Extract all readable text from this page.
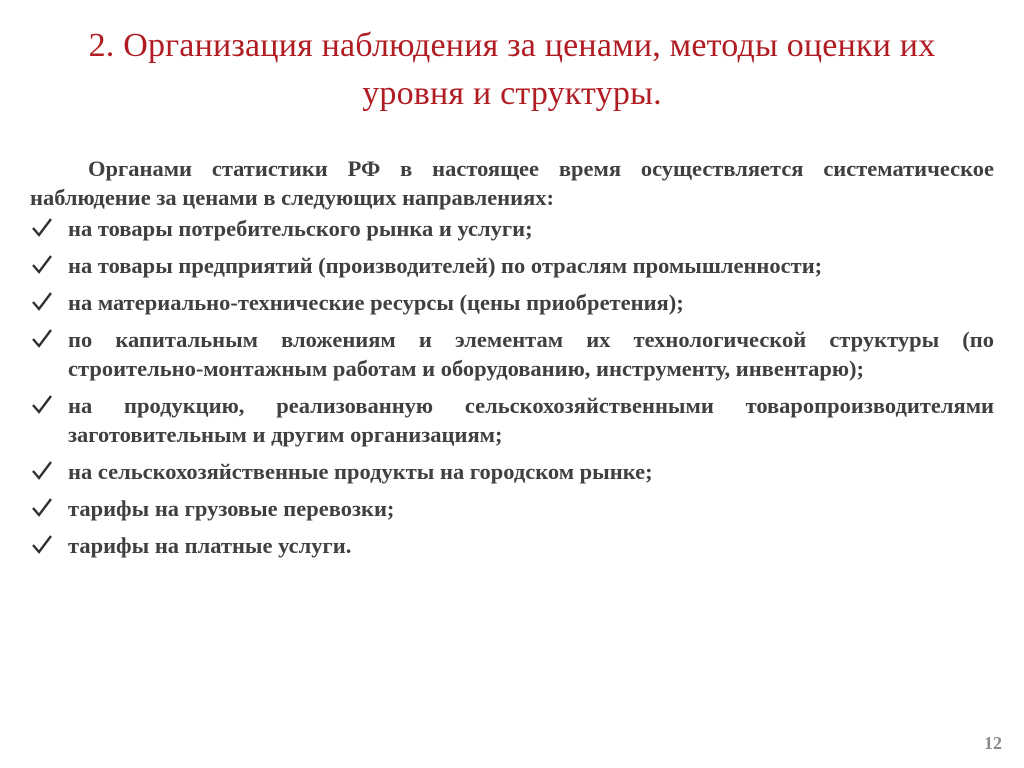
2. Организация наблюдения за ценами, методы оценки их уровня и структуры.

Органами статистики РФ в настоящее время осуществляется систематическое наблюдение за ценами в следующих направлениях:

на товары потребительского рынка и услуги;
на товары предприятий (производителей) по отраслям промышленности;
на материально-технические ресурсы (цены приобретения);
по капитальным вложениям и элементам их технологической структуры (по строительно-монтажным работам и оборудованию, инструменту, инвентарю);
на продукцию, реализованную сельскохозяйственными товаропроизводителями заготовительным и другим организациям;
на сельскохозяйственные продукты на городском рынке;
тарифы на грузовые перевозки;
тарифы на платные услуги.
12
